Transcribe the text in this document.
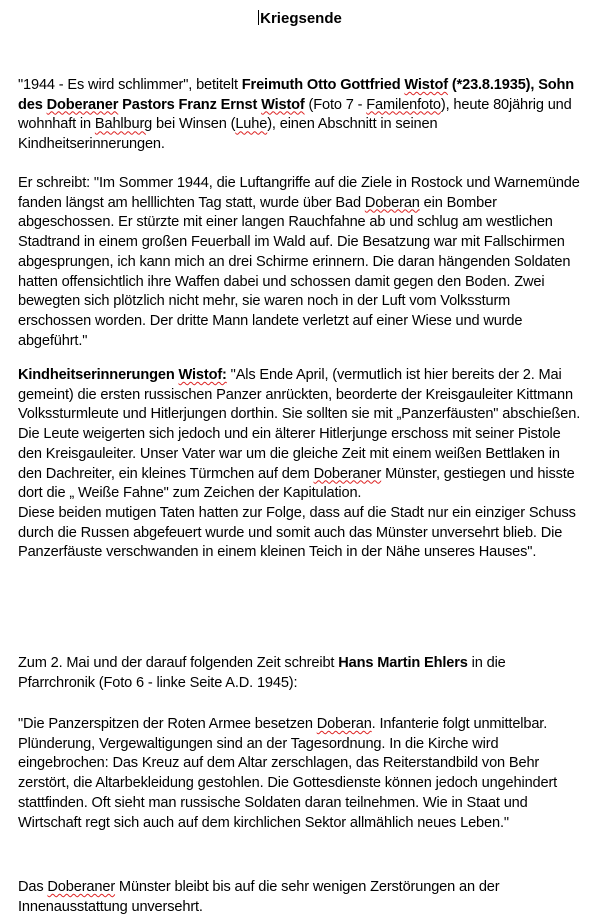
Kriegsende

"1944 - Es wird schlimmer", betitelt Freimuth Otto Gottfried Wistof (*23.8.1935), Sohn des Doberaner Pastors Franz Ernst Wistof (Foto 7 - Familenfoto), heute 80jährig und wohnhaft in Bahlburg bei Winsen (Luhe), einen Abschnitt in seinen Kindheitserinnerungen.

Er schreibt: "Im Sommer 1944, die Luftangriffe auf die Ziele in Rostock und Warnemünde fanden längst am helllichten Tag statt, wurde über Bad Doberan ein Bomber abgeschossen. Er stürzte mit einer langen Rauchfahne ab und schlug am westlichen Stadtrand in einem großen Feuerball im Wald auf. Die Besatzung war mit Fallschirmen abgesprungen, ich kann mich an drei Schirme erinnern. Die daran hängenden Soldaten hatten offensichtlich ihre Waffen dabei und schossen damit gegen den Boden. Zwei bewegten sich plötzlich nicht mehr, sie waren noch in der Luft vom Volkssturm erschossen worden. Der dritte Mann landete verletzt auf einer Wiese und wurde abgeführt."

Kindheitserinnerungen Wistof: "Als Ende April, (vermutlich ist hier bereits der 2. Mai gemeint) die ersten russischen Panzer anrückten, beorderte der Kreisgauleiter Kittmann Volkssturmleute und Hitlerjungen dorthin. Sie sollten sie mit „Panzerfäusten" abschießen. Die Leute weigerten sich jedoch und ein älterer Hitlerjunge erschoss mit seiner Pistole den Kreisgauleiter. Unser Vater war um die gleiche Zeit mit einem weißen Bettlaken in den Dachreiter, ein kleines Türmchen auf dem Doberaner Münster, gestiegen und hisste dort die „ Weiße Fahne" zum Zeichen der Kapitulation.

Diese beiden mutigen Taten hatten zur Folge, dass auf die Stadt nur ein einziger Schuss durch die Russen abgefeuert wurde und somit auch das Münster unversehrt blieb. Die Panzerfäuste verschwanden in einem kleinen Teich in der Nähe unseres Hauses".

Zum 2. Mai und der darauf folgenden Zeit schreibt Hans Martin Ehlers in die Pfarrchronik (Foto 6 - linke Seite A.D. 1945):

"Die Panzerspitzen der Roten Armee besetzen Doberan. Infanterie folgt unmittelbar. Plünderung, Vergewaltigungen sind an der Tagesordnung. In die Kirche wird eingebrochen: Das Kreuz auf dem Altar zerschlagen, das Reiterstandbild von Behr zerstört, die Altarbekleidung gestohlen. Die Gottesdienste können jedoch ungehindert stattfinden. Oft sieht man russische Soldaten daran teilnehmen. Wie in Staat und Wirtschaft regt sich auch auf dem kirchlichen Sektor allmählich neues Leben."

Das Doberaner Münster bleibt bis auf die sehr wenigen Zerstörungen an der Innenausstattung unversehrt.
